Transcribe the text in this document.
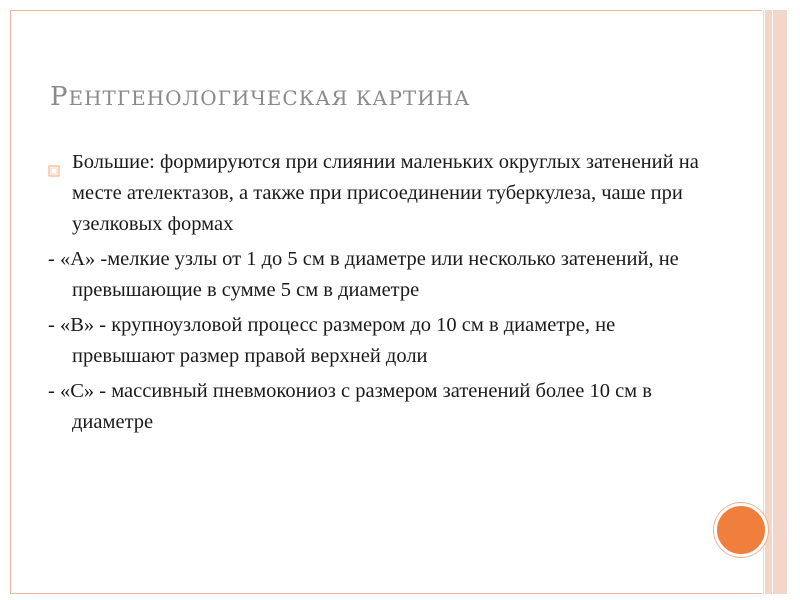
РЕНТГЕНОЛОГИЧЕСКАЯ КАРТИНА
Большие: формируются при слиянии маленьких округлых затенений на месте ателектазов, а также при присоединении туберкулеза, чаше при узелковых формах
- «А» -мелкие узлы от 1 до 5 см в диаметре или несколько затенений, не превышающие в сумме 5 см в диаметре
- «В» - крупноузловой процесс размером до 10 см в диаметре, не превышают размер правой верхней доли
- «С» - массивный пневмокониоз с размером затенений более 10 см в диаметре
